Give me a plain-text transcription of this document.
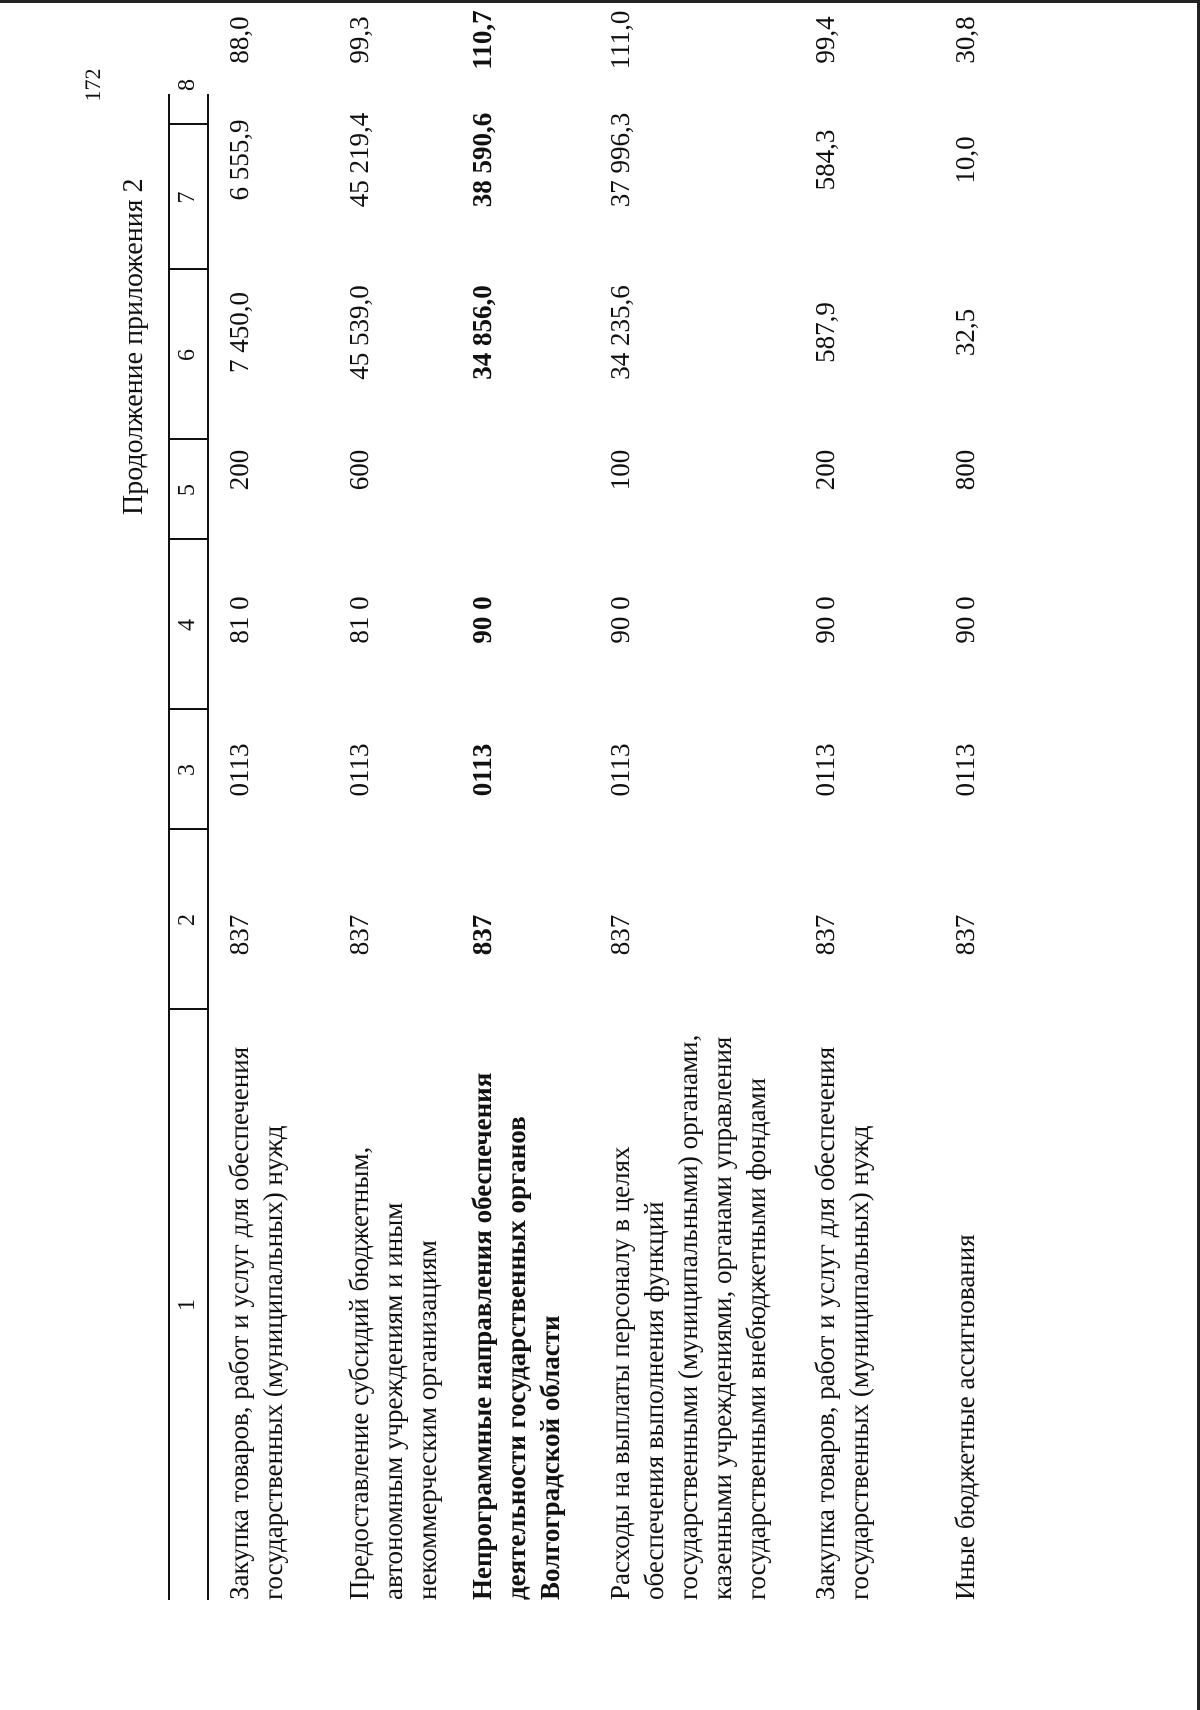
172
Продолжение приложения 2
1
2
3
4
5
6
7
8
Закупка товаров, работ и услуг для обеспечения государственных (муниципальных) нужд
837
0113
81 0
200
7 450,0
6 555,9
88,0
Предоставление субсидий бюджетным, автономным учреждениям и иным некоммерческим организациям
837
0113
81 0
600
45 539,0
45 219,4
99,3
Непрограммные направления обеспечения деятельности государственных органов Волгоградской области
837
0113
90 0
34 856,0
38 590,6
110,7
Расходы на выплаты персоналу в целях обеспечения выполнения функций государственными (муниципальными) органами, казенными учреждениями, органами управления государственными внебюджетными фондами
837
0113
90 0
100
34 235,6
37 996,3
111,0
Закупка товаров, работ и услуг для обеспечения государственных (муниципальных) нужд
837
0113
90 0
200
587,9
584,3
99,4
Иные бюджетные ассигнования
837
0113
90 0
800
32,5
10,0
30,8
